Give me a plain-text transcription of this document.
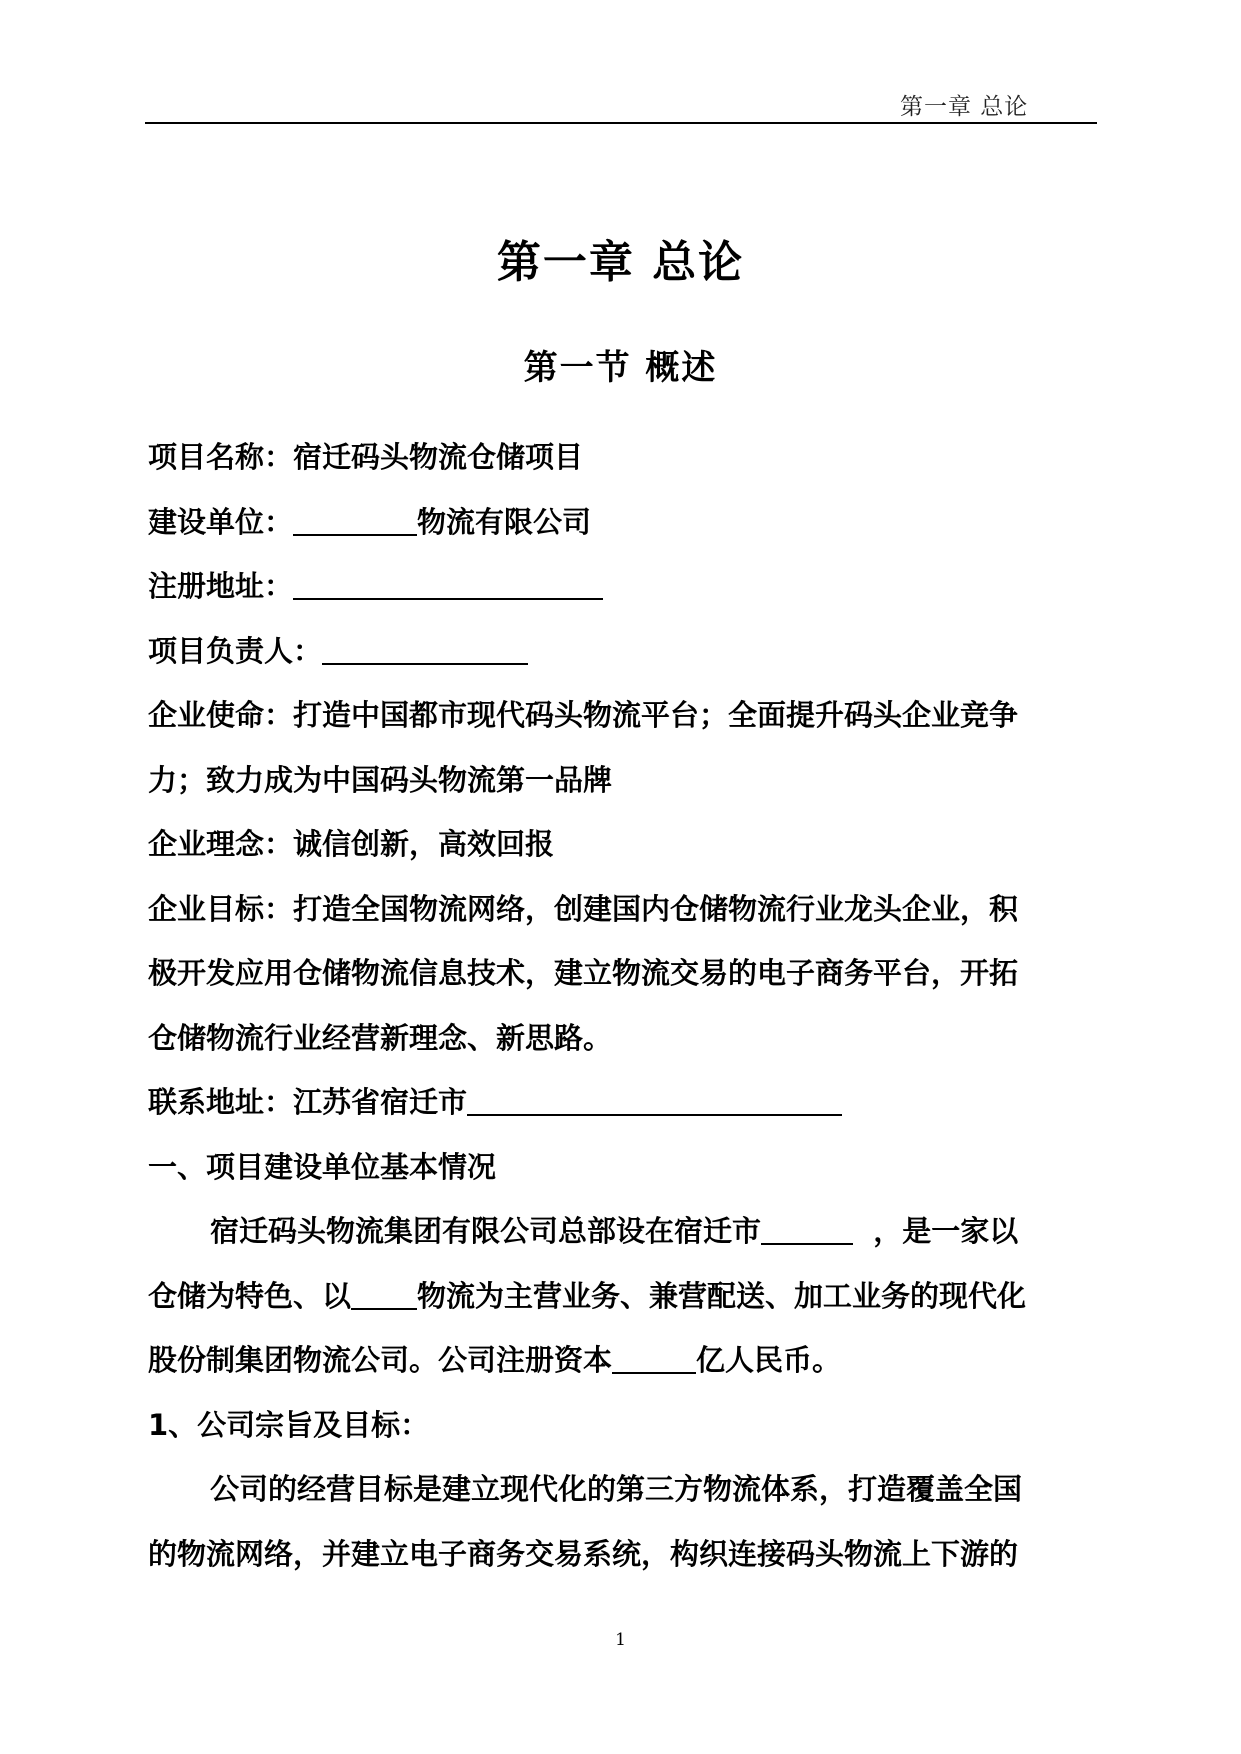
第一章 总论
第一章 总论
第一节 概述
项目名称：宿迁码头物流仓储项目
建设单位：	物流有限公司
注册地址：
项目负责人：
企业使命：打造中国都市现代码头物流平台；全面提升码头企业竞争
力；致力成为中国码头物流第一品牌
企业理念：诚信创新，高效回报
企业目标：打造全国物流网络，创建国内仓储物流行业龙头企业，积
极开发应用仓储物流信息技术，建立物流交易的电子商务平台，开拓
仓储物流行业经营新理念、新思路。
联系地址：江苏省宿迁市
一、项目建设单位基本情况
宿迁码头物流集团有限公司总部设在宿迁市	，是一家以
仓储为特色、以 物流为主营业务、兼营配送、加工业务的现代化
股份制集团物流公司。公司注册资本	亿人民币。
1、公司宗旨及目标：
公司的经营目标是建立现代化的第三方物流体系，打造覆盖全国
的物流网络，并建立电子商务交易系统，构织连接码头物流上下游的
1
